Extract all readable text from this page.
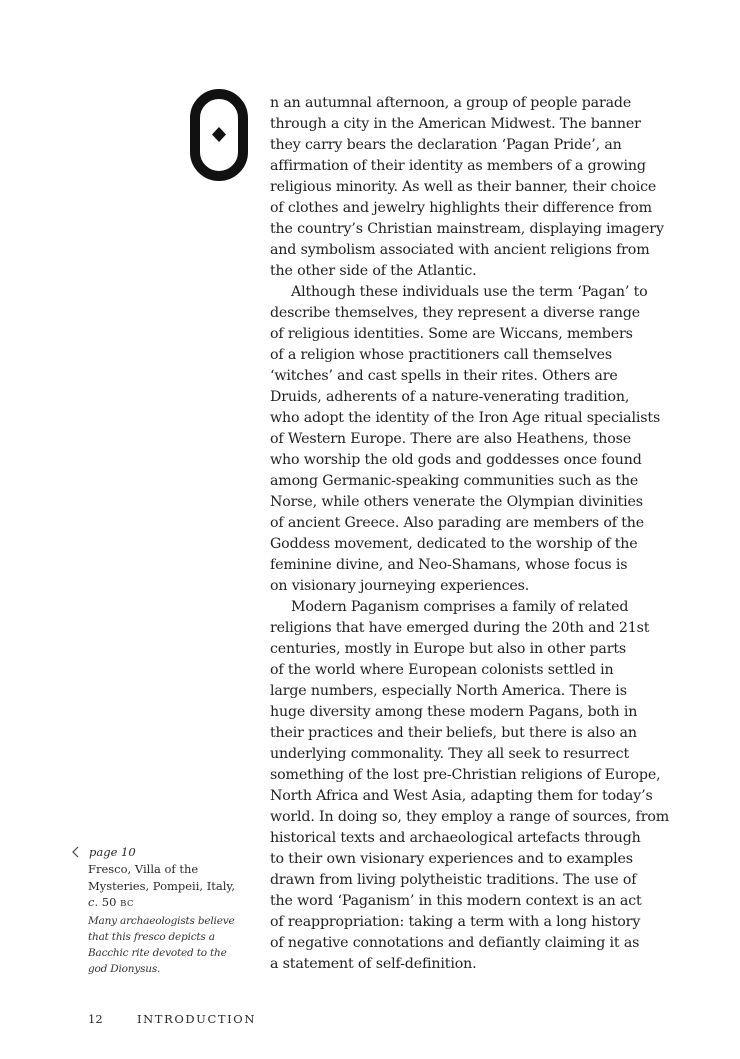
n an autumnal afternoon, a group of people parade
through a city in the American Midwest. The banner
they carry bears the declaration ‘Pagan Pride’, an
affirmation of their identity as members of a growing
religious minority. As well as their banner, their choice
of clothes and jewelry highlights their difference from
the country’s Christian mainstream, displaying imagery
and symbolism associated with ancient religions from
the other side of the Atlantic.
Although these individuals use the term ‘Pagan’ to
describe themselves, they represent a diverse range
of religious identities. Some are Wiccans, members
of a religion whose practitioners call themselves
‘witches’ and cast spells in their rites. Others are
Druids, adherents of a nature-venerating tradition,
who adopt the identity of the Iron Age ritual specialists
of Western Europe. There are also Heathens, those
who worship the old gods and goddesses once found
among Germanic-speaking communities such as the
Norse, while others venerate the Olympian divinities
of ancient Greece. Also parading are members of the
Goddess movement, dedicated to the worship of the
feminine divine, and Neo-Shamans, whose focus is
on visionary journeying experiences.
Modern Paganism comprises a family of related
religions that have emerged during the 20th and 21st
centuries, mostly in Europe but also in other parts
of the world where European colonists settled in
large numbers, especially North America. There is
huge diversity among these modern Pagans, both in
their practices and their beliefs, but there is also an
underlying commonality. They all seek to resurrect
something of the lost pre-Christian religions of Europe,
North Africa and West Asia, adapting them for today’s
world. In doing so, they employ a range of sources, from
historical texts and archaeological artefacts through
to their own visionary experiences and to examples
drawn from living polytheistic traditions. The use of
the word ‘Paganism’ in this modern context is an act
of reappropriation: taking a term with a long history
of negative connotations and defiantly claiming it as
a statement of self-definition.
page 10
Fresco, Villa of the
Mysteries, Pompeii, Italy,
c. 50 BC
Many archaeologists believe
that this fresco depicts a
Bacchic rite devoted to the
god Dionysus.
12	INTRODUCTION
